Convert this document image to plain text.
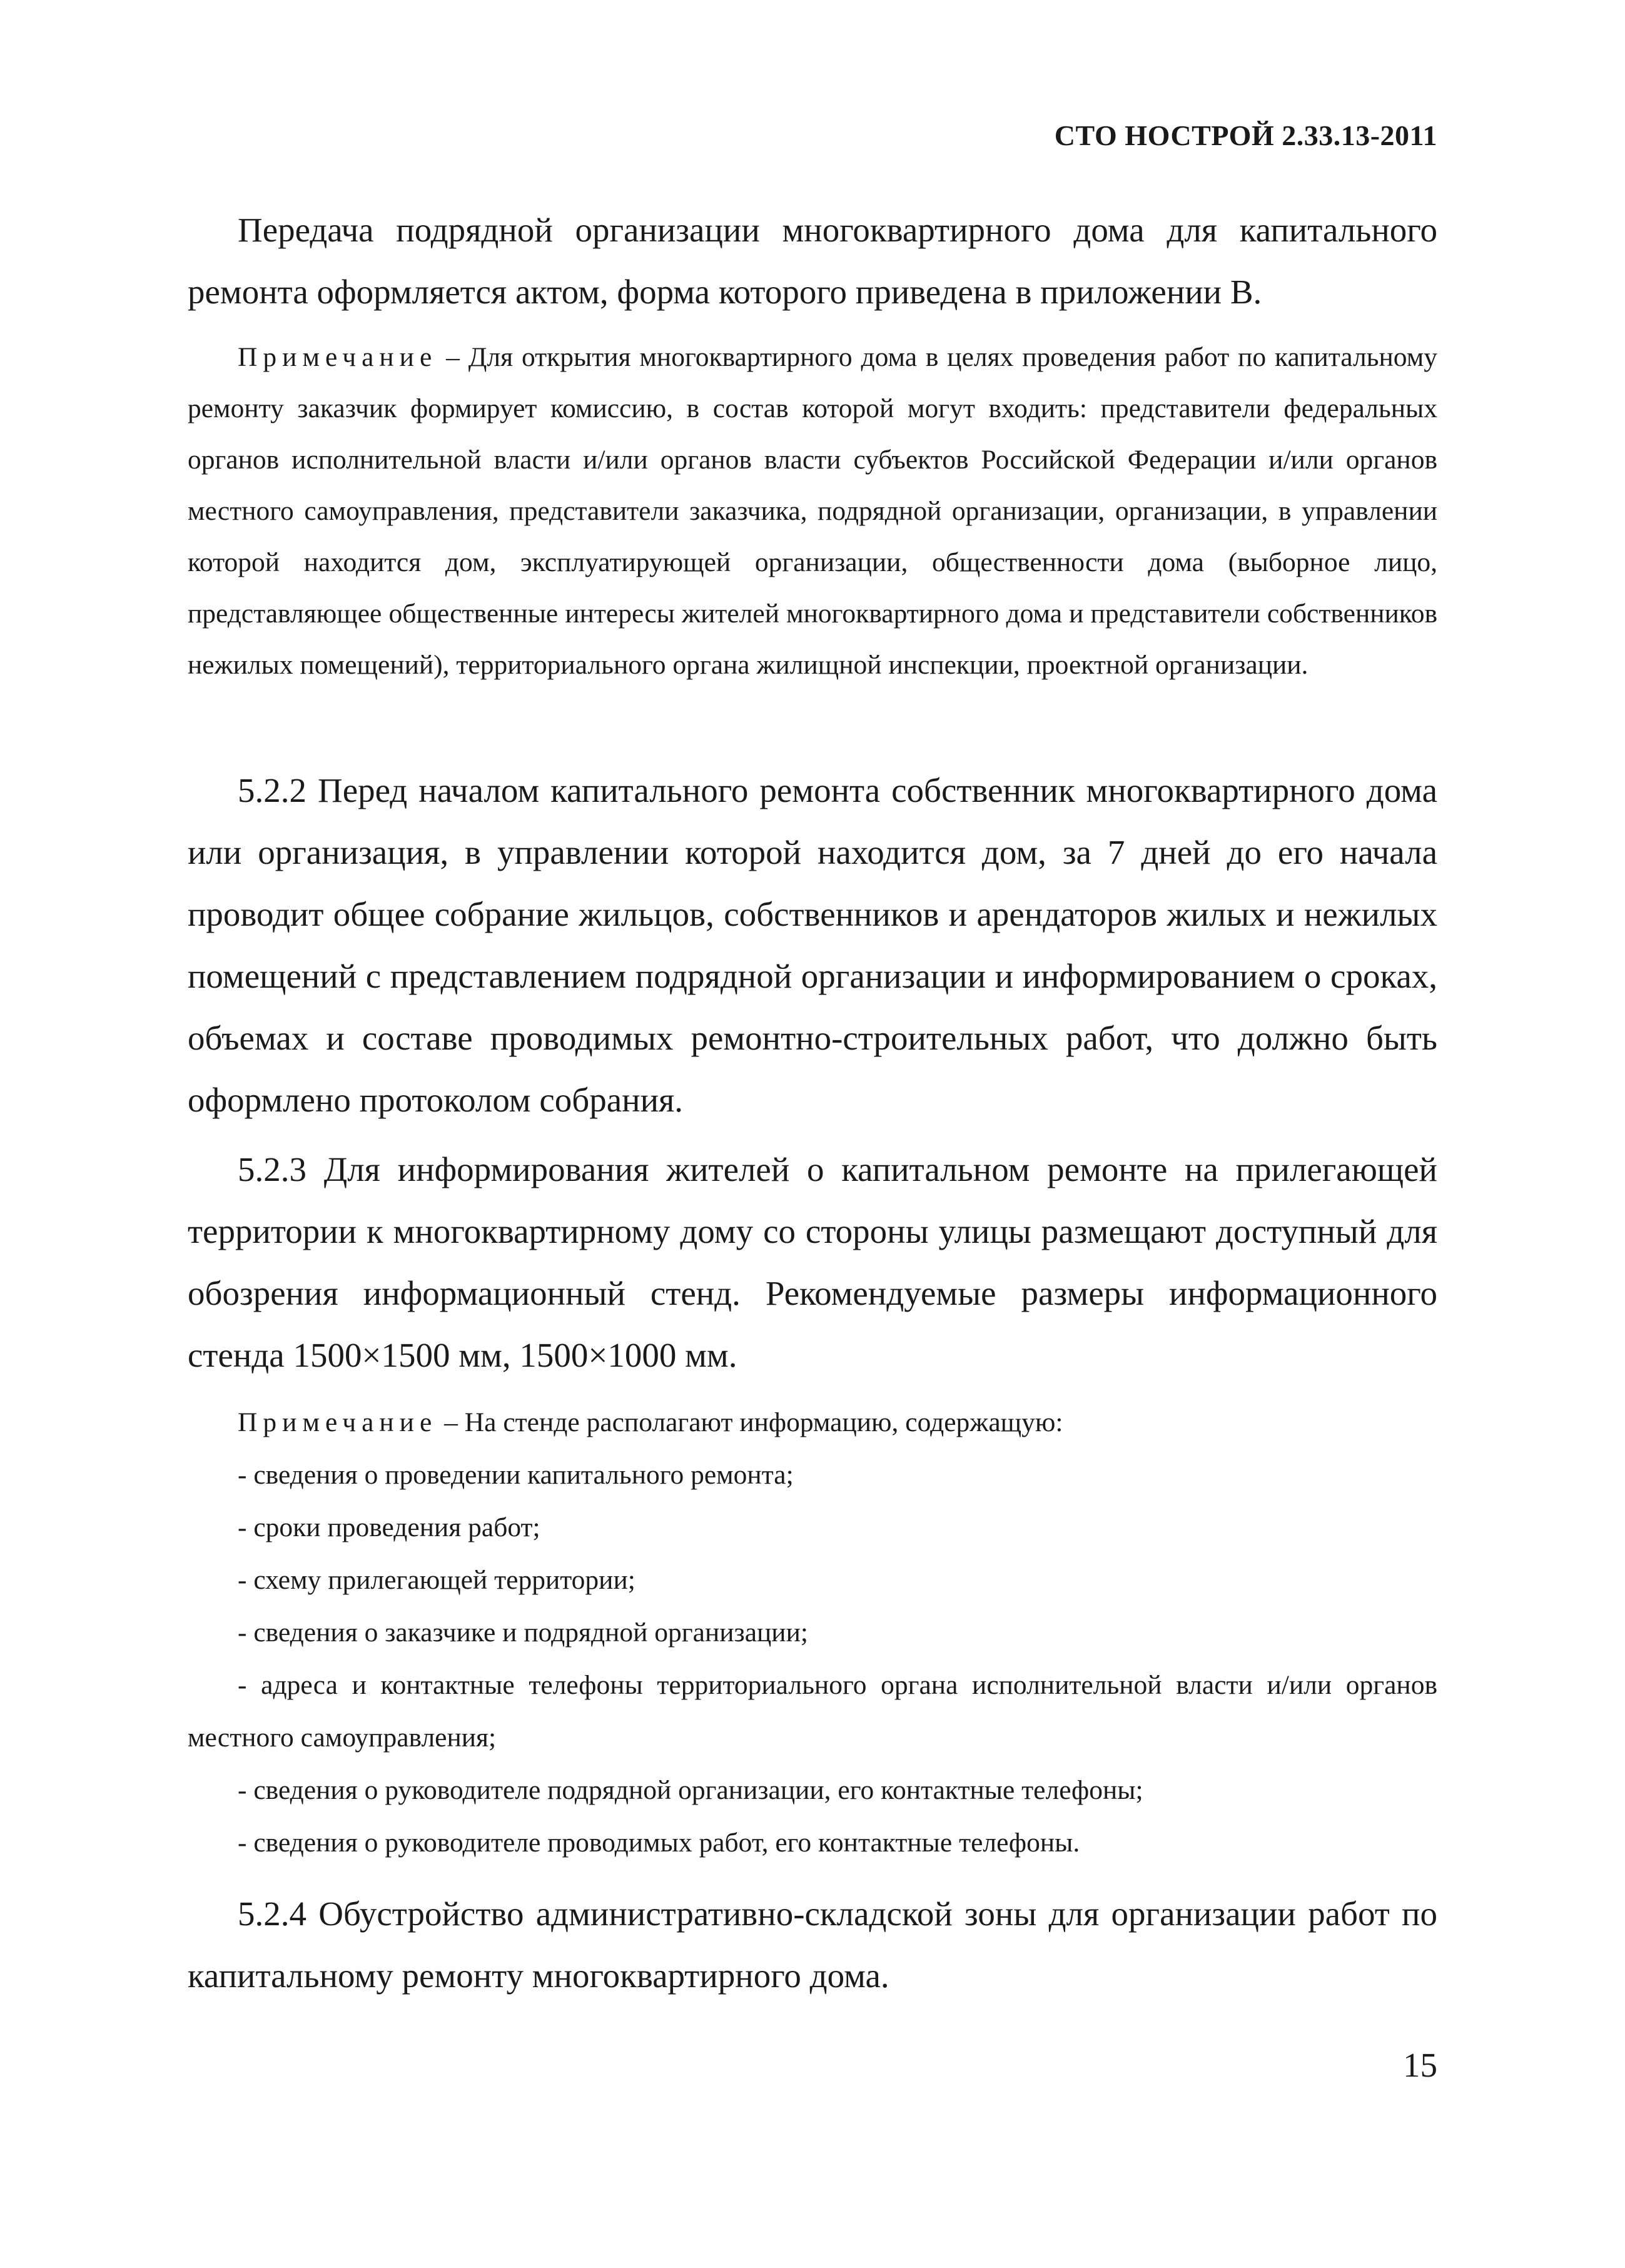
СТО НОСТРОЙ 2.33.13-2011

Передача подрядной организации многоквартирного дома для капитального ремонта оформляется актом, форма которого приведена в приложении В.

Примечание – Для открытия многоквартирного дома в целях проведения работ по капитальному ремонту заказчик формирует комиссию, в состав которой могут входить: представители федеральных органов исполнительной власти и/или органов власти субъектов Российской Федерации и/или органов местного самоуправления, представители заказчика, подрядной организации, организации, в управлении которой находится дом, эксплуатирующей организации, общественности дома (выборное лицо, представляющее общественные интересы жителей многоквартирного дома и представители собственников нежилых помещений), территориального органа жилищной инспекции, проектной организации.

5.2.2 Перед началом капитального ремонта собственник многоквартирного дома или организация, в управлении которой находится дом, за 7 дней до его начала проводит общее собрание жильцов, собственников и арендаторов жилых и нежилых помещений с представлением подрядной организации и информированием о сроках, объемах и составе проводимых ремонтно-строительных работ, что должно быть оформлено протоколом собрания.

5.2.3 Для информирования жителей о капитальном ремонте на прилегающей территории к многоквартирному дому со стороны улицы размещают доступный для обозрения информационный стенд. Рекомендуемые размеры информационного стенда 1500×1500 мм, 1500×1000 мм.

Примечание – На стенде располагают информацию, содержащую:

- сведения о проведении капитального ремонта;

- сроки проведения работ;

- схему прилегающей территории;

- сведения о заказчике и подрядной организации;

- адреса и контактные телефоны территориального органа исполнительной власти и/или органов местного самоуправления;

- сведения о руководителе подрядной организации, его контактные телефоны;

- сведения о руководителе проводимых работ, его контактные телефоны.

5.2.4 Обустройство административно-складской зоны для организации работ по капитальному ремонту многоквартирного дома.

15
